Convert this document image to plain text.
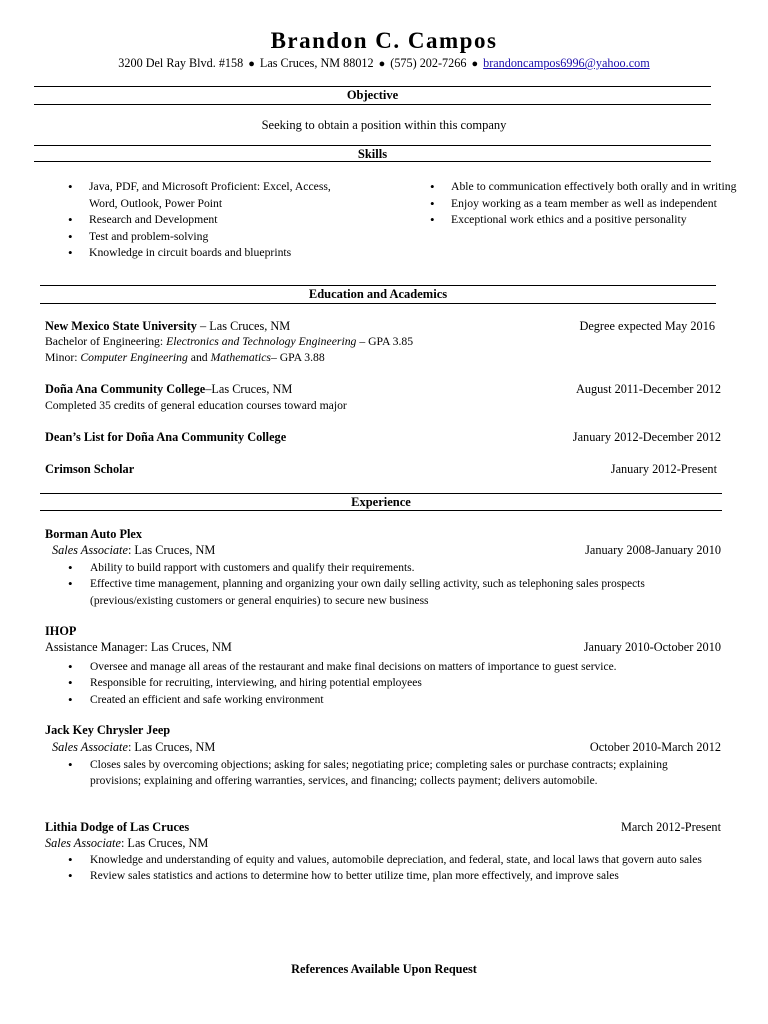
Brandon C. Campos
3200 Del Ray Blvd. #158 ● Las Cruces, NM 88012 ● (575) 202-7266 ● brandoncampos6996@yahoo.com
Objective
Seeking to obtain a position within this company
Skills
• Java, PDF, and Microsoft Proficient: Excel, Access, Word, Outlook, Power Point
• Research and Development
• Test and problem-solving
• Knowledge in circuit boards and blueprints
• Able to communication effectively both orally and in writing
• Enjoy working as a team member as well as independent
• Exceptional work ethics and a positive personality
Education and Academics
New Mexico State University – Las Cruces, NM	Degree expected May 2016
Bachelor of Engineering: Electronics and Technology Engineering – GPA 3.85
Minor: Computer Engineering and Mathematics– GPA 3.88
Doña Ana Community College–Las Cruces, NM	August 2011-December 2012
Completed 35 credits of general education courses toward major
Dean’s List for Doña Ana Community College	January 2012-December 2012
Crimson Scholar	January 2012-Present
Experience
Borman Auto Plex
Sales Associate: Las Cruces, NM	January 2008-January 2010
• Ability to build rapport with customers and qualify their requirements.
• Effective time management, planning and organizing your own daily selling activity, such as telephoning sales prospects (previous/existing customers or general enquiries) to secure new business
IHOP
Assistance Manager: Las Cruces, NM	January 2010-October 2010
• Oversee and manage all areas of the restaurant and make final decisions on matters of importance to guest service.
• Responsible for recruiting, interviewing, and hiring potential employees
• Created an efficient and safe working environment
Jack Key Chrysler Jeep
Sales Associate: Las Cruces, NM	October 2010-March 2012
• Closes sales by overcoming objections; asking for sales; negotiating price; completing sales or purchase contracts; explaining provisions; explaining and offering warranties, services, and financing; collects payment; delivers automobile.
Lithia Dodge of Las Cruces	March 2012-Present
Sales Associate: Las Cruces, NM
• Knowledge and understanding of equity and values, automobile depreciation, and federal, state, and local laws that govern auto sales
• Review sales statistics and actions to determine how to better utilize time, plan more effectively, and improve sales
References Available Upon Request
